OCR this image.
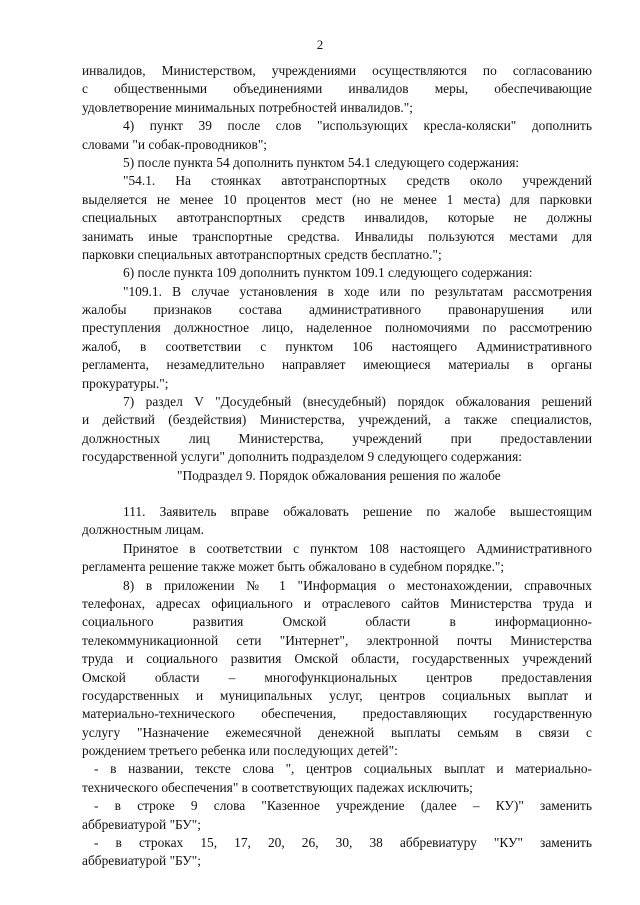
2
инвалидов, Министерством, учреждениями осуществляются по согласованию
с общественными объединениями инвалидов меры, обеспечивающие
удовлетворение минимальных потребностей инвалидов.";
4) пункт 39 после слов "использующих кресла-коляски" дополнить
словами "и собак-проводников";
5) после пункта 54 дополнить пунктом 54.1 следующего содержания:
"54.1. На стоянках автотранспортных средств около учреждений
выделяется не менее 10 процентов мест (но не менее 1 места) для парковки
специальных автотранспортных средств инвалидов, которые не должны
занимать иные транспортные средства. Инвалиды пользуются местами для
парковки специальных автотранспортных средств бесплатно.";
6) после пункта 109 дополнить пунктом 109.1 следующего содержания:
"109.1. В случае установления в ходе или по результатам рассмотрения
жалобы признаков состава административного правонарушения или
преступления должностное лицо, наделенное полномочиями по рассмотрению
жалоб, в соответствии с пунктом 106 настоящего Административного
регламента, незамедлительно направляет имеющиеся материалы в органы
прокуратуры.";
7) раздел V "Досудебный (внесудебный) порядок обжалования решений
и действий (бездействия) Министерства, учреждений, а также специалистов,
должностных лиц Министерства, учреждений при предоставлении
государственной услуги" дополнить подразделом 9 следующего содержания:
"Подраздел 9. Порядок обжалования решения по жалобе
111. Заявитель вправе обжаловать решение по жалобе вышестоящим
должностным лицам.
Принятое в соответствии с пунктом 108 настоящего Административного
регламента решение также может быть обжаловано в судебном порядке.";
8) в приложении № 1 "Информация о местонахождении, справочных
телефонах, адресах официального и отраслевого сайтов Министерства труда и
социального развития Омской области в информационно-
телекоммуникационной сети "Интернет", электронной почты Министерства
труда и социального развития Омской области, государственных учреждений
Омской области – многофункциональных центров предоставления
государственных и муниципальных услуг, центров социальных выплат и
материально-технического обеспечения, предоставляющих государственную
услугу "Назначение ежемесячной денежной выплаты семьям в связи с
рождением третьего ребенка или последующих детей":
- в названии, тексте слова ", центров социальных выплат и материально-
технического обеспечения" в соответствующих падежах исключить;
- в строке 9 слова "Казенное учреждение (далее – КУ)" заменить
аббревиатурой "БУ";
- в строках 15, 17, 20, 26, 30, 38 аббревиатуру "КУ" заменить
аббревиатурой "БУ";
